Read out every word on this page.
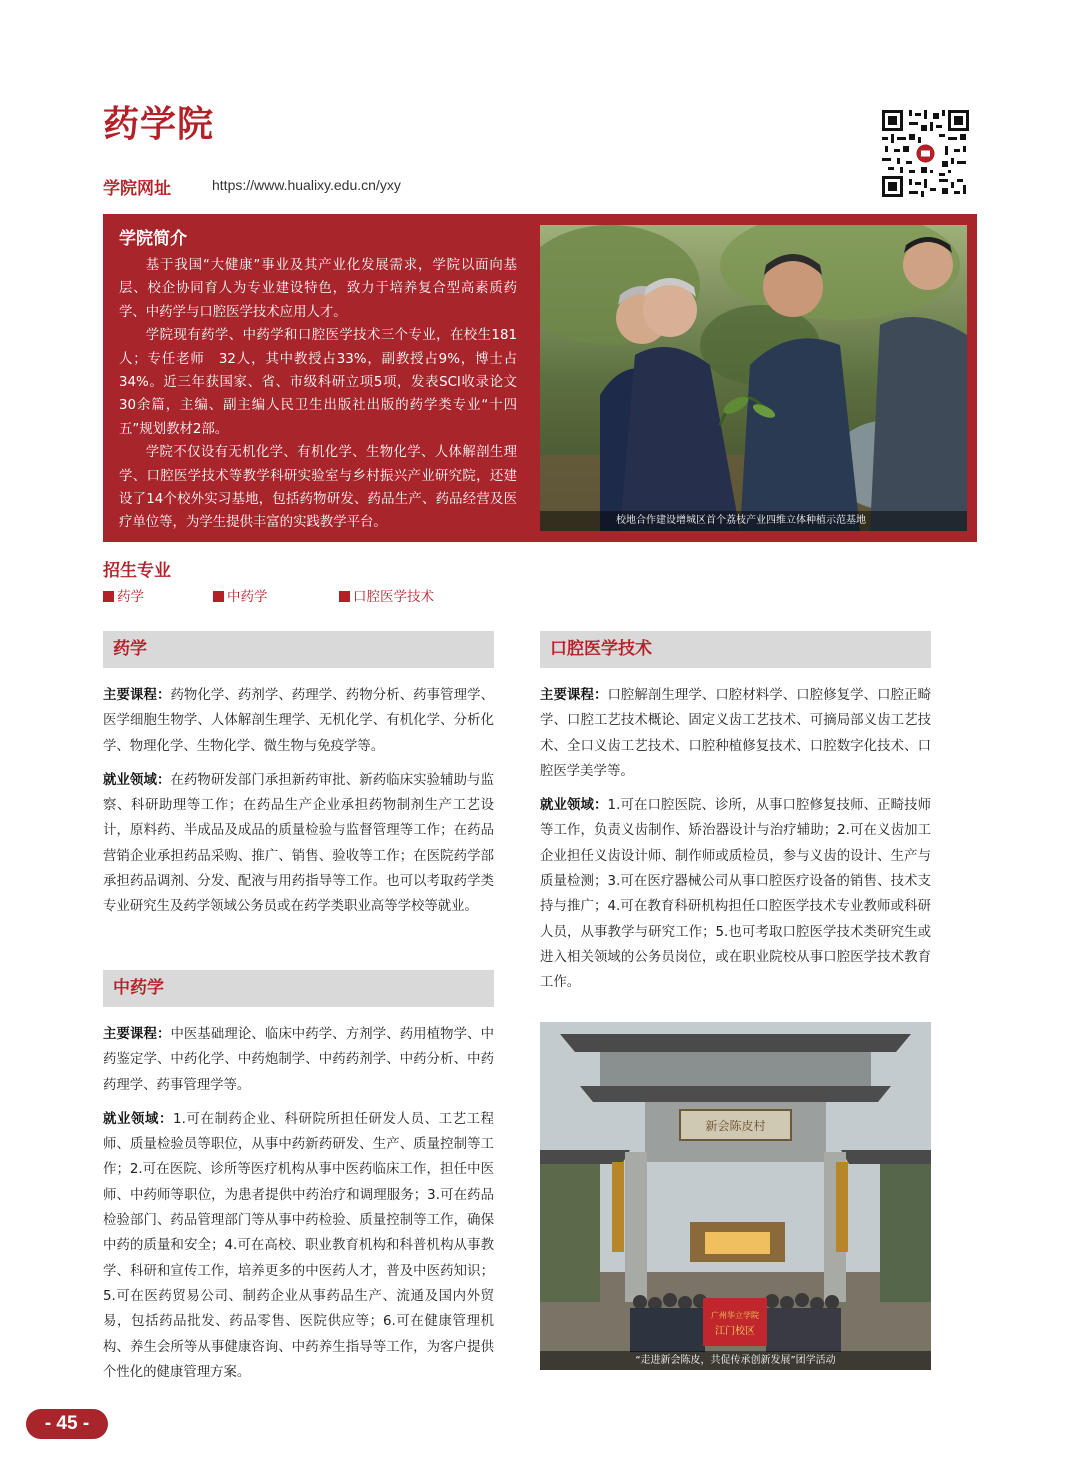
药学院
学院网址	https://www.hualixy.edu.cn/yxy
学院简介

基于我国“大健康”事业及其产业化发展需求，学院以面向基层、校企协同育人为专业建设特色，致力于培养复合型高素质药学、中药学与口腔医学技术应用人才。

学院现有药学、中药学和口腔医学技术三个专业，在校生181人；专任老师　32人，其中教授占33%，副教授占9%，博士占34%。近三年获国家、省、市级科研立项5项，发表SCI收录论文30余篇，主编、副主编人民卫生出版社出版的药学类专业“十四五”规划教材2部。

学院不仅设有无机化学、有机化学、生物化学、人体解剖生理学、口腔医学技术等教学科研实验室与乡村振兴产业研究院，还建设了14个校外实习基地，包括药物研发、药品生产、药品经营及医疗单位等，为学生提供丰富的实践教学平台。	校地合作建设增城区首个荔枝产业四维立体种植示范基地
招生专业
药学	中药学	口腔医学技术
药学

主要课程：药物化学、药剂学、药理学、药物分析、药事管理学、医学细胞生物学、人体解剖生理学、无机化学、有机化学、分析化学、物理化学、生物化学、微生物与免疫学等。

就业领域：在药物研发部门承担新药审批、新药临床实验辅助与监察、科研助理等工作；在药品生产企业承担药物制剂生产工艺设计，原料药、半成品及成品的质量检验与监督管理等工作；在药品营销企业承担药品采购、推广、销售、验收等工作；在医院药学部承担药品调剂、分发、配液与用药指导等工作。也可以考取药学类专业研究生及药学领域公务员或在药学类职业高等学校等就业。

中药学

主要课程：中医基础理论、临床中药学、方剂学、药用植物学、中药鉴定学、中药化学、中药炮制学、中药药剂学、中药分析、中药药理学、药事管理学等。

就业领域：1.可在制药企业、科研院所担任研发人员、工艺工程师、质量检验员等职位，从事中药新药研发、生产、质量控制等工作；2.可在医院、诊所等医疗机构从事中医药临床工作，担任中医师、中药师等职位，为患者提供中药治疗和调理服务；3.可在药品检验部门、药品管理部门等从事中药检验、质量控制等工作，确保中药的质量和安全；4.可在高校、职业教育机构和科普机构从事教学、科研和宣传工作，培养更多的中医药人才，普及中医药知识；5.可在医药贸易公司、制药企业从事药品生产、流通及国内外贸易，包括药品批发、药品零售、医院供应等；6.可在健康管理机构、养生会所等从事健康咨询、中药养生指导等工作，为客户提供个性化的健康管理方案。

口腔医学技术

主要课程：口腔解剖生理学、口腔材料学、口腔修复学、口腔正畸学、口腔工艺技术概论、固定义齿工艺技术、可摘局部义齿工艺技术、全口义齿工艺技术、口腔种植修复技术、口腔数字化技术、口腔医学美学等。

就业领域：1.可在口腔医院、诊所，从事口腔修复技师、正畸技师等工作，负责义齿制作、矫治器设计与治疗辅助；2.可在义齿加工企业担任义齿设计师、制作师或质检员，参与义齿的设计、生产与质量检测；3.可在医疗器械公司从事口腔医疗设备的销售、技术支持与推广；4.可在教育科研机构担任口腔医学技术专业教师或科研人员，从事教学与研究工作；5.也可考取口腔医学技术类研究生或进入相关领域的公务员岗位，或在职业院校从事口腔医学技术教育工作。

新会陈皮村
广州华立学院
江门校区
“走进新会陈皮，共促传承创新发展”团学活动
- 45 -
